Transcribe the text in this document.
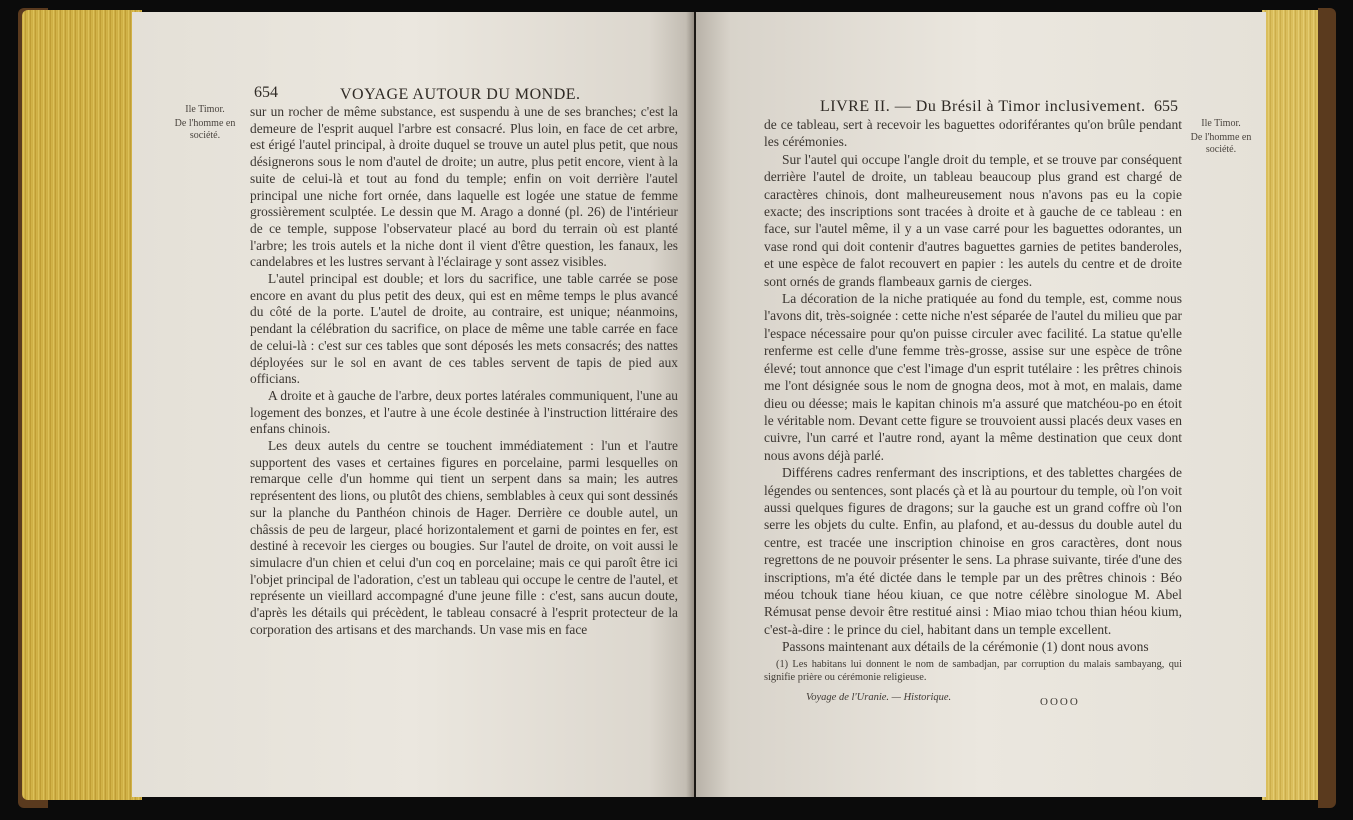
654	VOYAGE AUTOUR DU MONDE.
Ile Timor.
De l'homme en société.

sur un rocher de même substance, est suspendu à une de ses branches; c'est la demeure de l'esprit auquel l'arbre est consacré. Plus loin, en face de cet arbre, est érigé l'autel principal, à droite duquel se trouve un autel plus petit, que nous désignerons sous le nom d'autel de droite; un autre, plus petit encore, vient à la suite de celui-là et tout au fond du temple; enfin on voit derrière l'autel principal une niche fort ornée, dans laquelle est logée une statue de femme grossièrement sculptée. Le dessin que M. Arago a donné (pl. 26) de l'intérieur de ce temple, suppose l'observateur placé au bord du terrain où est planté l'arbre; les trois autels et la niche dont il vient d'être question, les fanaux, les candelabres et les lustres servant à l'éclairage y sont assez visibles.

L'autel principal est double; et lors du sacrifice, une table carrée se pose encore en avant du plus petit des deux, qui est en même temps le plus avancé du côté de la porte. L'autel de droite, au contraire, est unique; néanmoins, pendant la célébration du sacrifice, on place de même une table carrée en face de celui-là : c'est sur ces tables que sont déposés les mets consacrés; des nattes déployées sur le sol en avant de ces tables servent de tapis de pied aux officians.

A droite et à gauche de l'arbre, deux portes latérales communiquent, l'une au logement des bonzes, et l'autre à une école destinée à l'instruction littéraire des enfans chinois.

Les deux autels du centre se touchent immédiatement : l'un et l'autre supportent des vases et certaines figures en porcelaine, parmi lesquelles on remarque celle d'un homme qui tient un serpent dans sa main; les autres représentent des lions, ou plutôt des chiens, semblables à ceux qui sont dessinés sur la planche du Panthéon chinois de Hager. Derrière ce double autel, un châssis de peu de largeur, placé horizontalement et garni de pointes en fer, est destiné à recevoir les cierges ou bougies. Sur l'autel de droite, on voit aussi le simulacre d'un chien et celui d'un coq en porcelaine; mais ce qui paroît être ici l'objet principal de l'adoration, c'est un tableau qui occupe le centre de l'autel, et représente un vieillard accompagné d'une jeune fille : c'est, sans aucun doute, d'après les détails qui précèdent, le tableau consacré à l'esprit protecteur de la corporation des artisans et des marchands. Un vase mis en face

LIVRE II. — Du Brésil à Timor inclusivement. 655
Ile Timor.
De l'homme en société.

de ce tableau, sert à recevoir les baguettes odoriférantes qu'on brûle pendant les cérémonies.

Sur l'autel qui occupe l'angle droit du temple, et se trouve par conséquent derrière l'autel de droite, un tableau beaucoup plus grand est chargé de caractères chinois, dont malheureusement nous n'avons pas eu la copie exacte; des inscriptions sont tracées à droite et à gauche de ce tableau : en face, sur l'autel même, il y a un vase carré pour les baguettes odorantes, un vase rond qui doit contenir d'autres baguettes garnies de petites banderoles, et une espèce de falot recouvert en papier : les autels du centre et de droite sont ornés de grands flambeaux garnis de cierges.

La décoration de la niche pratiquée au fond du temple, est, comme nous l'avons dit, très-soignée : cette niche n'est séparée de l'autel du milieu que par l'espace nécessaire pour qu'on puisse circuler avec facilité. La statue qu'elle renferme est celle d'une femme très-grosse, assise sur une espèce de trône élevé; tout annonce que c'est l'image d'un esprit tutélaire : les prêtres chinois me l'ont désignée sous le nom de gnogna deos, mot à mot, en malais, dame dieu ou déesse; mais le kapitan chinois m'a assuré que matchéou-po en étoit le véritable nom. Devant cette figure se trouvoient aussi placés deux vases en cuivre, l'un carré et l'autre rond, ayant la même destination que ceux dont nous avons déjà parlé.

Différens cadres renfermant des inscriptions, et des tablettes chargées de légendes ou sentences, sont placés çà et là au pourtour du temple, où l'on voit aussi quelques figures de dragons; sur la gauche est un grand coffre où l'on serre les objets du culte. Enfin, au plafond, et au-dessus du double autel du centre, est tracée une inscription chinoise en gros caractères, dont nous regrettons de ne pouvoir présenter le sens. La phrase suivante, tirée d'une des inscriptions, m'a été dictée dans le temple par un des prêtres chinois : Béo méou tchouk tiane héou kiuan, ce que notre célèbre sinologue M. Abel Rémusat pense devoir être restitué ainsi : Miao miao tchou thian héou kium, c'est-à-dire : le prince du ciel, habitant dans un temple excellent.

Passons maintenant aux détails de la cérémonie (1) dont nous avons

(1) Les habitans lui donnent le nom de sambadjan, par corruption du malais sambayang, qui signifie prière ou cérémonie religieuse.

Voyage de l'Uranie. — Historique.	OOOO
